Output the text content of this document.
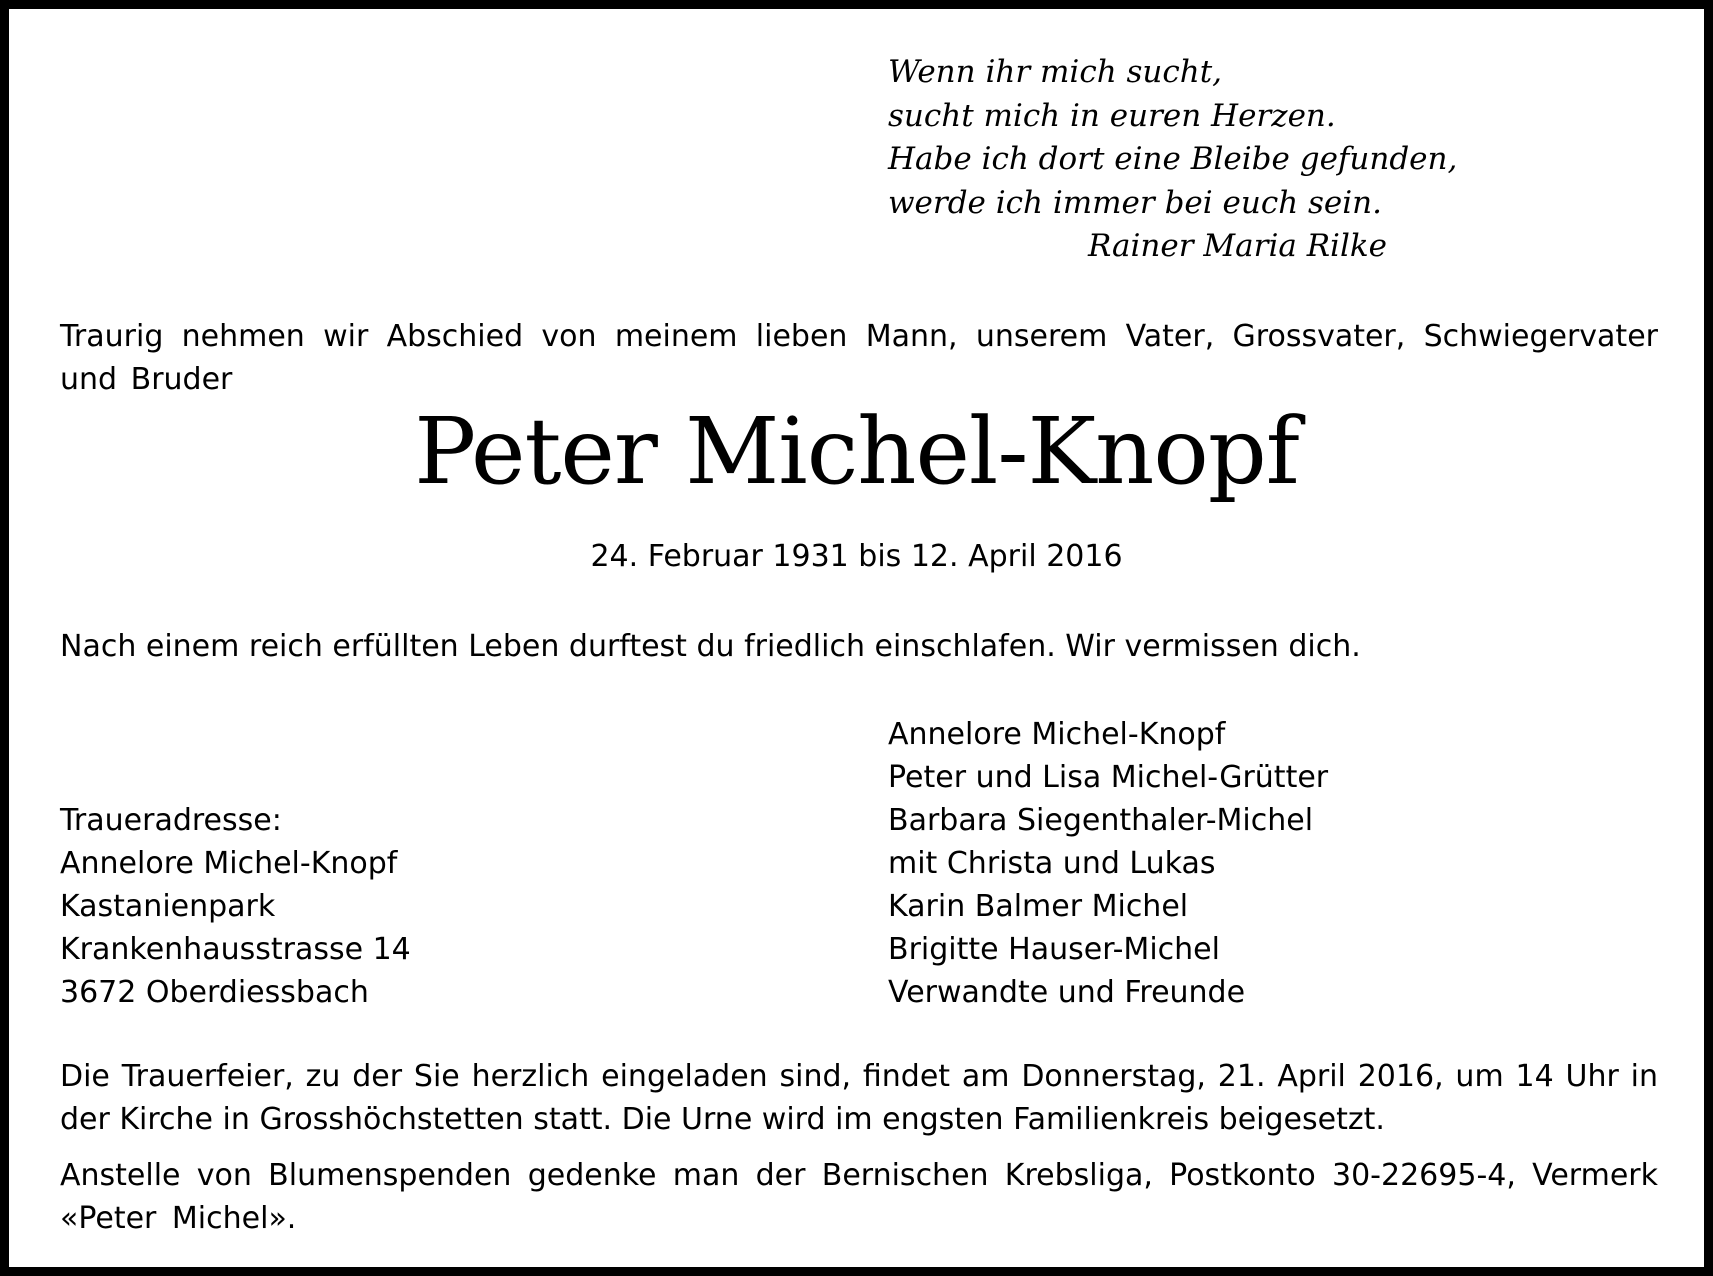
Wenn ihr mich sucht,
sucht mich in euren Herzen.
Habe ich dort eine Bleibe gefunden,
werde ich immer bei euch sein.
Rainer Maria Rilke
Traurig nehmen wir Abschied von meinem lieben Mann, unserem Vater, Grossvater, Schwiegervater und Bruder
Peter Michel-Knopf
24. Februar 1931 bis 12. April 2016
Nach einem reich erfüllten Leben durftest du friedlich einschlafen. Wir vermissen dich.
Traueradresse:
Annelore Michel-Knopf
Kastanienpark
Krankenhausstrasse 14
3672 Oberdiessbach
Annelore Michel-Knopf
Peter und Lisa Michel-Grütter
Barbara Siegenthaler-Michel
mit Christa und Lukas
Karin Balmer Michel
Brigitte Hauser-Michel
Verwandte und Freunde
Die Trauerfeier, zu der Sie herzlich eingeladen sind, findet am Donnerstag, 21. April 2016, um 14 Uhr in der Kirche in Grosshöchstetten statt. Die Urne wird im engsten Familienkreis beigesetzt.
Anstelle von Blumenspenden gedenke man der Bernischen Krebsliga, Postkonto 30-22695-4, Vermerk «Peter Michel».
